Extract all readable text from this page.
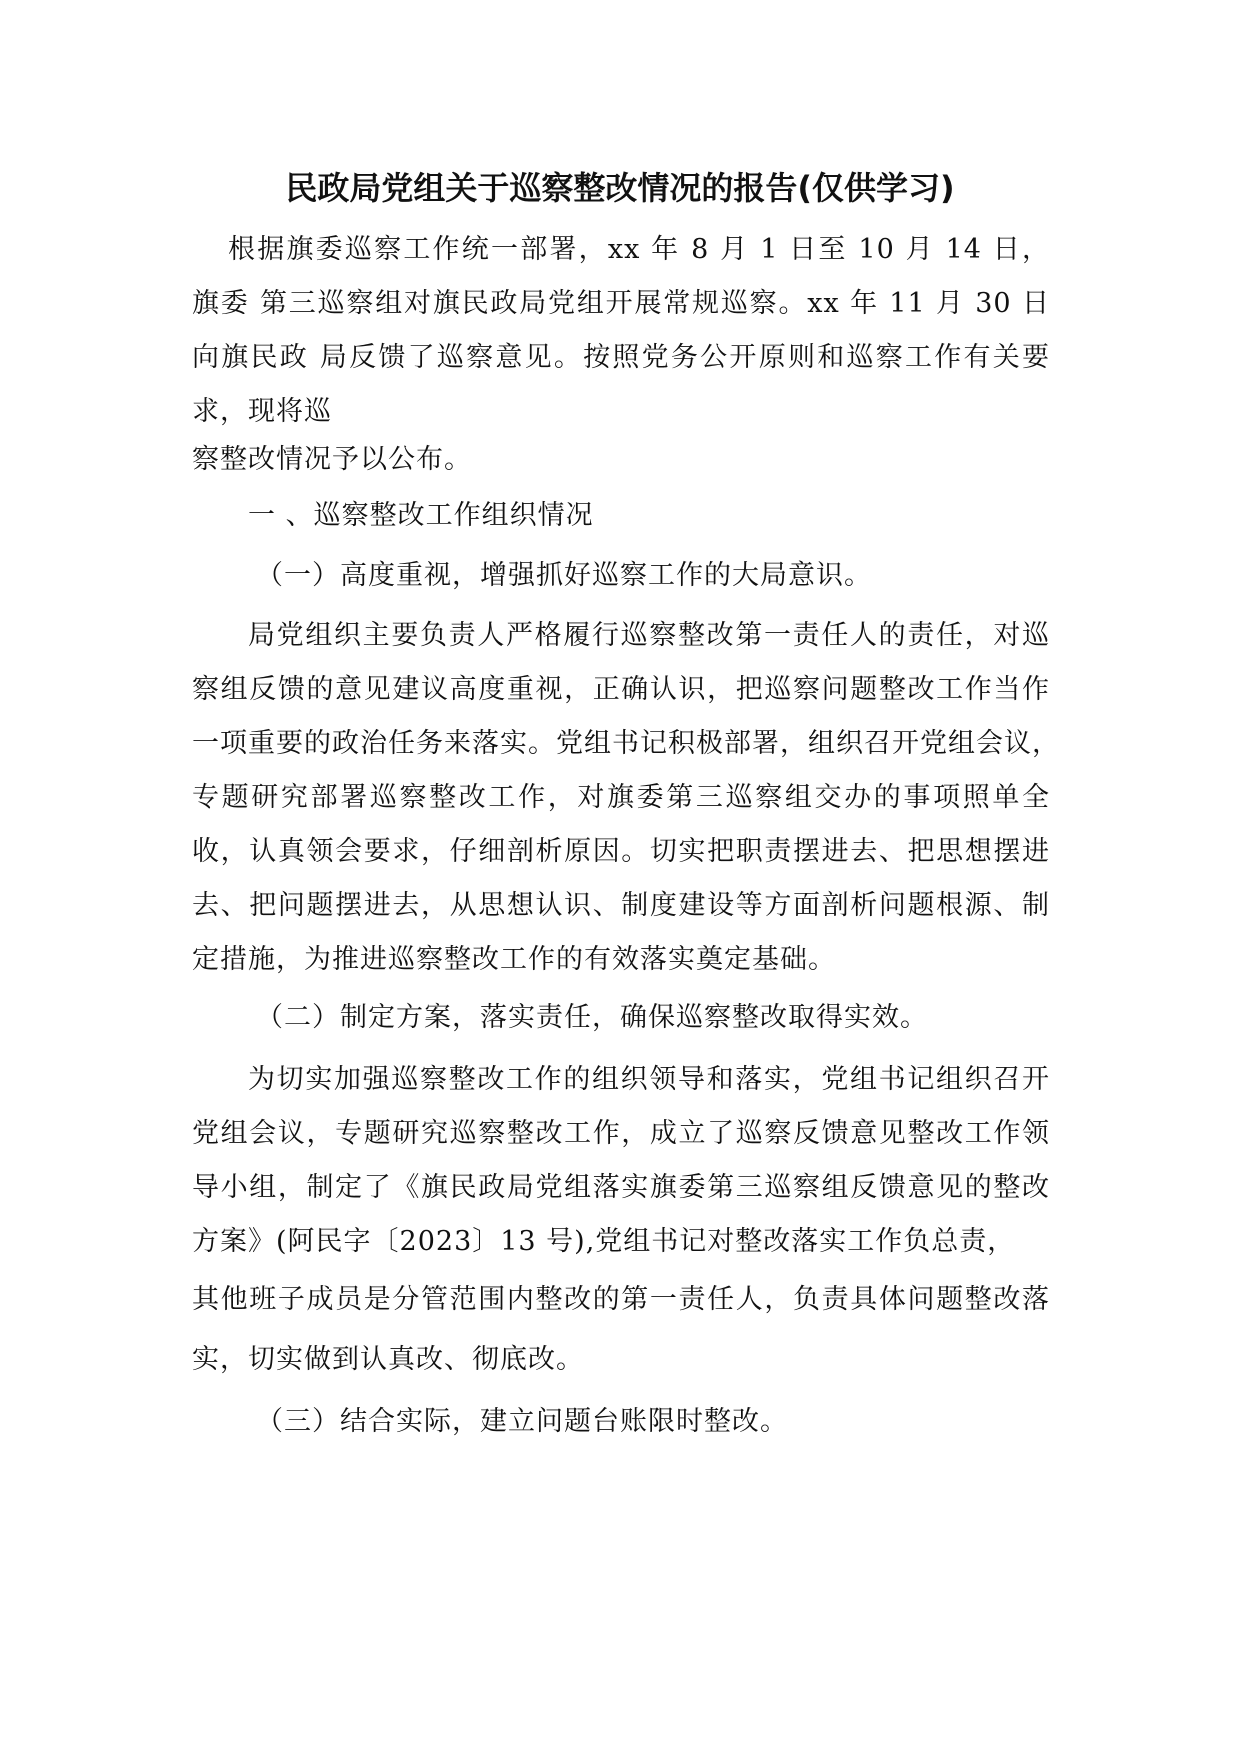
民政局党组关于巡察整改情况的报告(仅供学习)
根据旗委巡察工作统一部署，xx 年 8 月 1 日至 10 月 14 日，
旗委 第三巡察组对旗民政局党组开展常规巡察。xx 年 11 月 30 日
向旗民政 局反馈了巡察意见。按照党务公开原则和巡察工作有关要
求，现将巡
察整改情况予以公布。
一 、巡察整改工作组织情况
（一）高度重视，增强抓好巡察工作的大局意识。
局党组织主要负责人严格履行巡察整改第一责任人的责任，对巡
察组反馈的意见建议高度重视，正确认识，把巡察问题整改工作当作
一项重要的政治任务来落实。党组书记积极部署，组织召开党组会议，
专题研究部署巡察整改工作，对旗委第三巡察组交办的事项照单全
收，认真领会要求，仔细剖析原因。切实把职责摆进去、把思想摆进
去、把问题摆进去，从思想认识、制度建设等方面剖析问题根源、制
定措施，为推进巡察整改工作的有效落实奠定基础。
（二）制定方案，落实责任，确保巡察整改取得实效。
为切实加强巡察整改工作的组织领导和落实，党组书记组织召开
党组会议，专题研究巡察整改工作，成立了巡察反馈意见整改工作领
导小组，制定了《旗民政局党组落实旗委第三巡察组反馈意见的整改
方案》(阿民字〔2023〕13 号),党组书记对整改落实工作负总责，
其他班子成员是分管范围内整改的第一责任人，负责具体问题整改落
实，切实做到认真改、彻底改。
（三）结合实际，建立问题台账限时整改。
